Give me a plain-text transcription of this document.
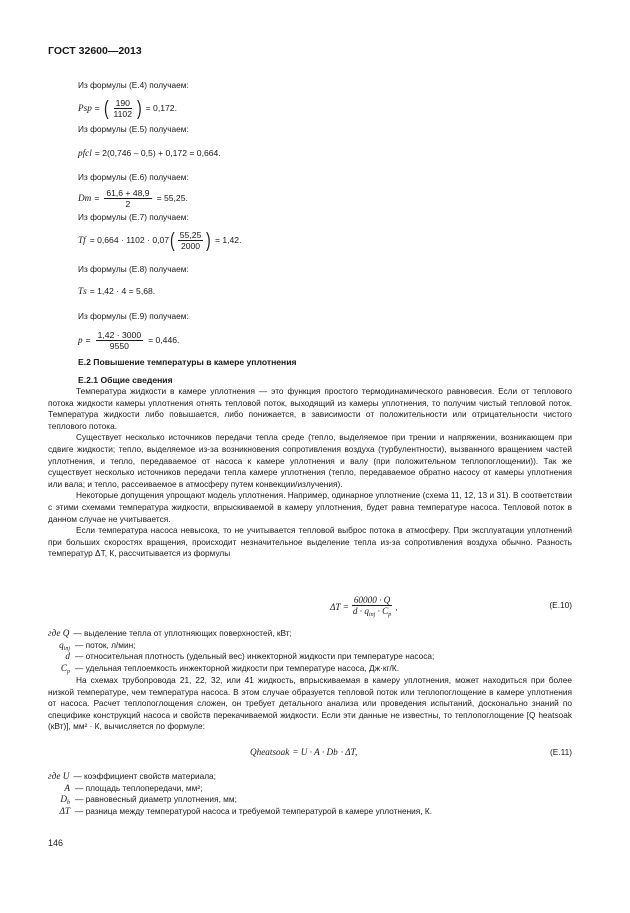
ГОСТ 32600—2013
Из формулы (Е.4) получаем:
P sp = ( $\frac{190}{1102}$ ) = 0,172.
Из формулы (Е.5) получаем:
p fcl = 2(0,746 – 0,5) + 0,172 = 0,664.
Из формулы (Е.6) получаем:
D $m = \frac{61,6 + 48,9}{2} = 55,25$.
Из формулы (Е.7) получаем:
T f = 0,664 · 1102 · 0,07 ( $\frac{55,25}{2000}$ ) = 1,42.
Из формулы (Е.8) получаем:
T s = 1,42 · 4 = 5,68.
Из формулы (Е.9) получаем:
$p = \frac{1,42 \cdot 3000}{9550} = 0,446$.
Е.2 Повышение температуры в камере уплотнения
Е.2.1 Общие сведения

Температура жидкости в камере уплотнения — это функция простого термодинамического равновесия. Если от теплового потока жидкости камеры уплотнения отнять тепловой поток, выходящий из камеры уплотнения, то получим чистый тепловой поток. Температура жидкости либо повышается, либо понижается, в зависимости от положительности или отрицательности чистого теплового потока.

Существует несколько источников передачи тепла среде (тепло, выделяемое при трении и напряжении, возникающем при сдвиге жидкости; тепло, выделяемое из-за возникновения сопротивления воздуха (турбулентности), вызванного вращением частей уплотнения, и тепло, передаваемое от насоса к камере уплотнения и валу (при положительном теплопоглощении)). Так же существует несколько источников передачи тепла камере уплотнения (тепло, передаваемое обратно насосу от камеры уплотнения или вала; и тепло, рассеиваемое в атмосферу путем конвекции/излучения).

Некоторые допущения упрощают модель уплотнения. Например, одинарное уплотнение (схема 11, 12, 13 и 31). В соответствии с этими схемами температура жидкости, впрыскиваемой в камеру уплотнения, будет равна температуре насоса. Тепловой поток в данном случае не учитывается.

Если температура насоса невысока, то не учитывается тепловой выброс потока в атмосферу. При эксплуатации уплотнений при больших скоростях вращения, происходит незначительное выделение тепла из-за сопротивления воздуха обычно. Разность температур ΔT, К, рассчитывается из формулы

$\Delta T = \frac{60000 \cdot Q}{d \cdot q_{inj} \cdot C_p}$ ,	(Е.10)
где Q — выделение тепла от уплотняющих поверхностей, кВт;
$q_{inj}$ — поток, л/мин;
d — относительная плотность (удельный вес) инжекторной жидкости при температуре насоса;
$C_p$ — удельная теплоемкость инжекторной жидкости при температуре насоса, Дж·кг/К.

На схемах трубопровода 21, 22, 32, или 41 жидкость, впрыскиваемая в камеру уплотнения, может находиться при более низкой температуре, чем температура насоса. В этом случае образуется тепловой поток или теплопоглощение в камере уплотнения от насоса. Расчет теплопоглощения сложен, он требует детального анализа или проведения испытаний, досконально знаний по специфике конструкций насоса и свойств перекачиваемой жидкости. Если эти данные не известны, то теплопоглощение [Q heatsoak (кВт)], мм² · К, вычисляется по формуле:

Q heatsoak = U · A · D b · ΔT,	(Е.11)
где U — коэффициент свойств материала;
A — площадь теплопередачи, мм²;
$D_b$ — равновесный диаметр уплотнения, мм;
ΔT — разница между температурой насоса и требуемой температурой в камере уплотнения, К.
146
